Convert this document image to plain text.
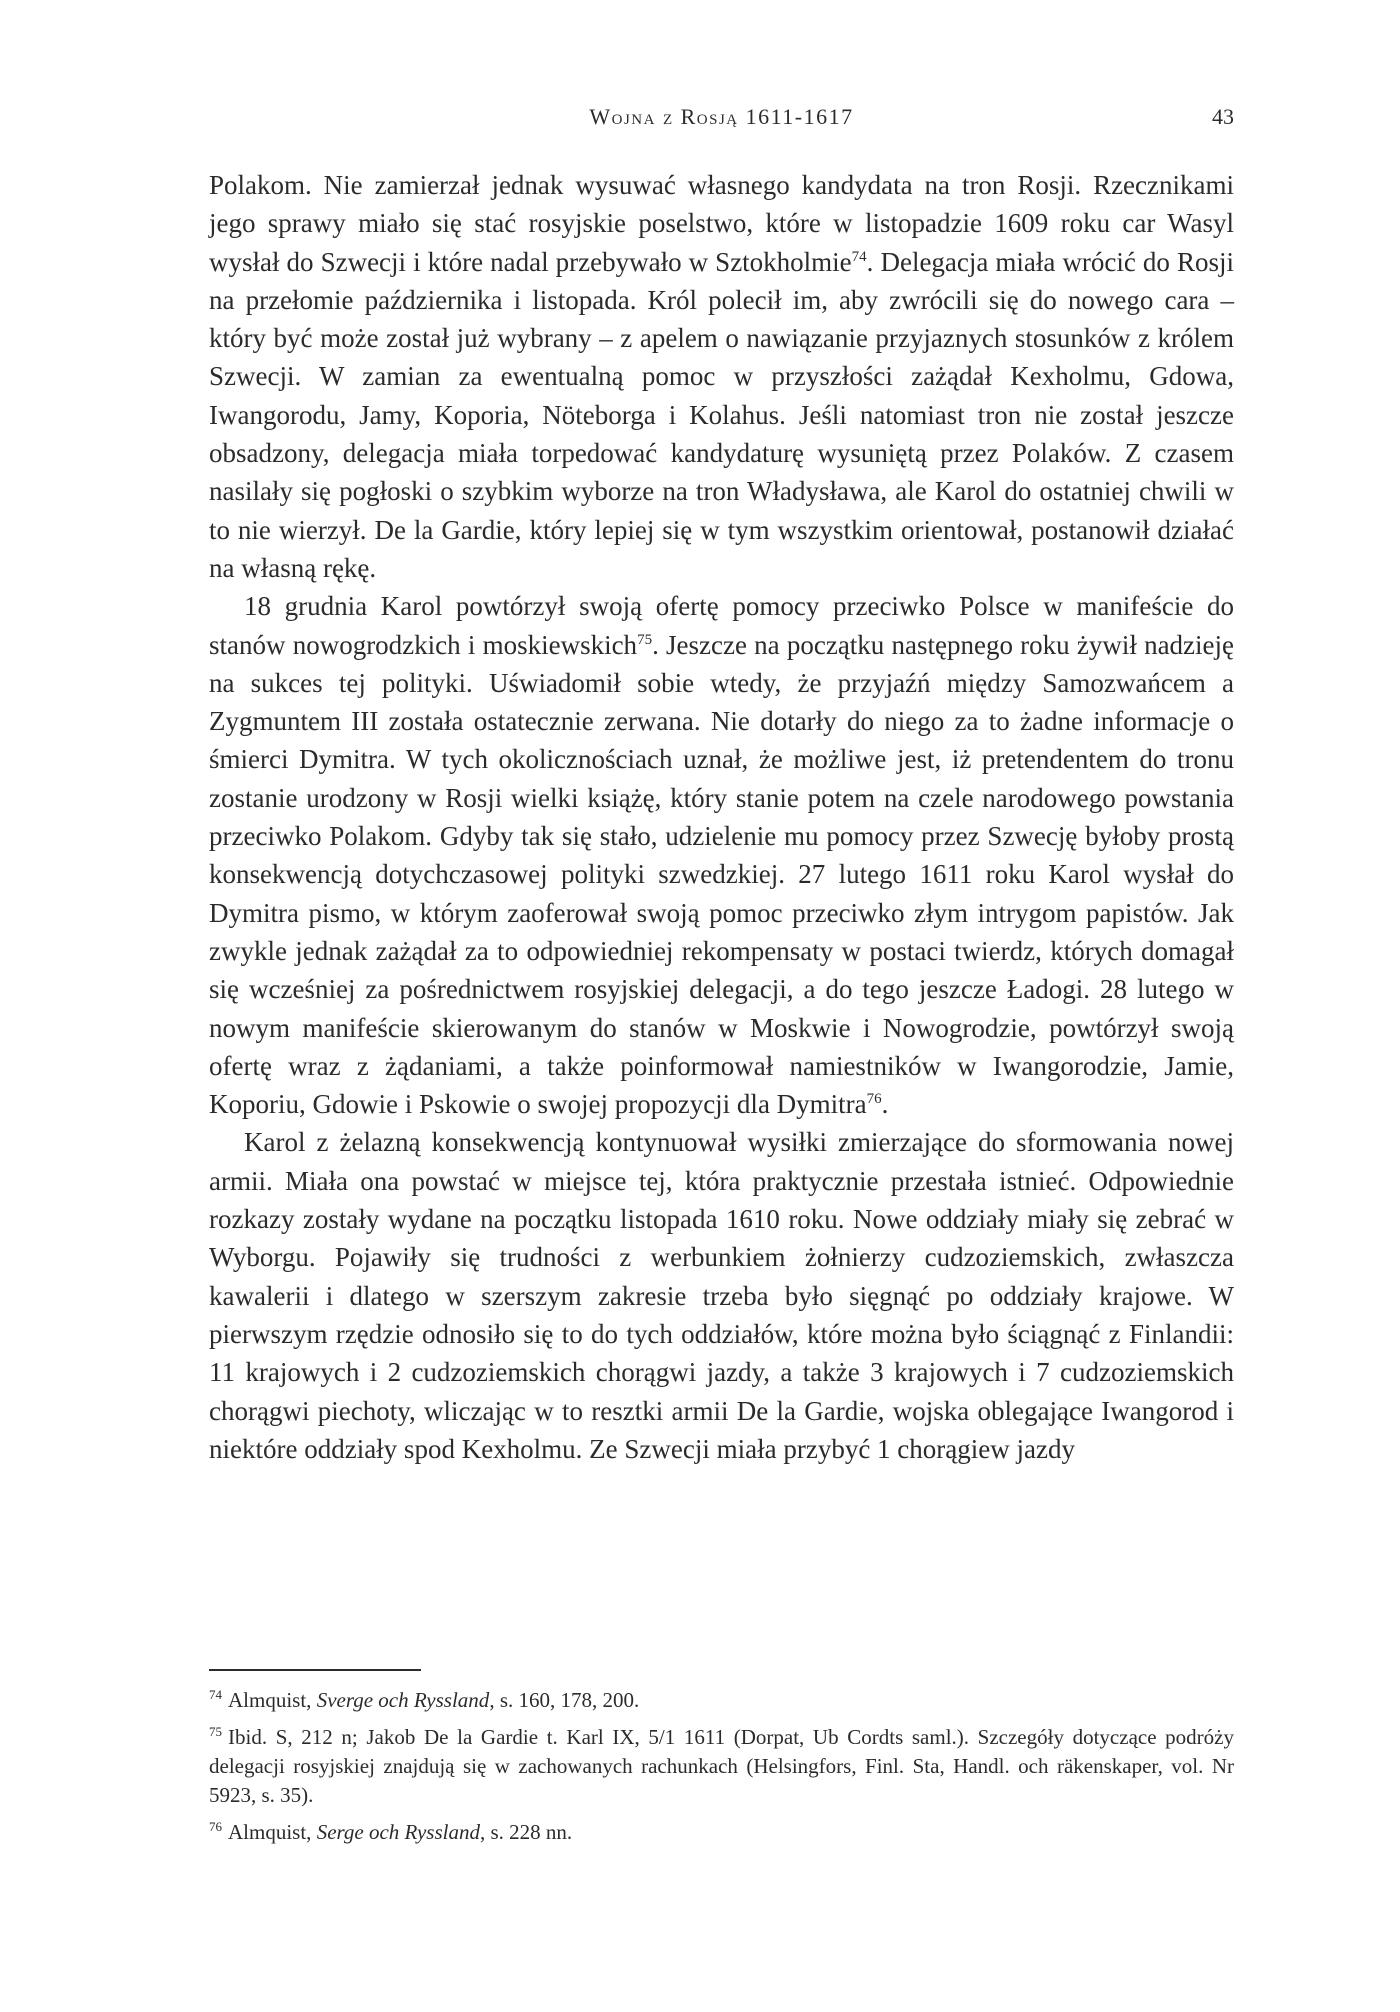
Wojna z Rosją 1611-1617	43

Polakom. Nie zamierzał jednak wysuwać własnego kandydata na tron Rosji. Rzecznikami jego sprawy miało się stać rosyjskie poselstwo, które w listopadzie 1609 roku car Wasyl wysłał do Szwecji i które nadal przebywało w Sztokholmie$^{74}$. Delegacja miała wrócić do Rosji na przełomie października i listopada. Król polecił im, aby zwrócili się do nowego cara – który być może został już wybrany – z apelem o nawiązanie przyjaznych stosunków z królem Szwecji. W zamian za ewentualną pomoc w przyszłości zażądał Kexholmu, Gdowa, Iwangorodu, Jamy, Koporia, Nöteborga i Kolahus. Jeśli natomiast tron nie został jeszcze obsadzony, delegacja miała torpedować kandydaturę wysuniętą przez Polaków. Z czasem nasilały się pogłoski o szybkim wyborze na tron Władysława, ale Karol do ostatniej chwili w to nie wierzył. De la Gardie, który lepiej się w tym wszystkim orientował, postanowił działać na własną rękę.

18 grudnia Karol powtórzył swoją ofertę pomocy przeciwko Polsce w manifeście do stanów nowogrodzkich i moskiewskich$^{75}$. Jeszcze na początku następnego roku żywił nadzieję na sukces tej polityki. Uświadomił sobie wtedy, że przyjaźń między Samozwańcem a Zygmuntem III została ostatecznie zerwana. Nie dotarły do niego za to żadne informacje o śmierci Dymitra. W tych okolicznościach uznał, że możliwe jest, iż pretendentem do tronu zostanie urodzony w Rosji wielki książę, który stanie potem na czele narodowego powstania przeciwko Polakom. Gdyby tak się stało, udzielenie mu pomocy przez Szwecję byłoby prostą konsekwencją dotychczasowej polityki szwedzkiej. 27 lutego 1611 roku Karol wysłał do Dymitra pismo, w którym zaoferował swoją pomoc przeciwko złym intrygom papistów. Jak zwykle jednak zażądał za to odpowiedniej rekompensaty w postaci twierdz, których domagał się wcześniej za pośrednictwem rosyjskiej delegacji, a do tego jeszcze Ładogi. 28 lutego w nowym manifeście skierowanym do stanów w Moskwie i Nowogrodzie, powtórzył swoją ofertę wraz z żądaniami, a także poinformował namiestników w Iwangorodzie, Jamie, Koporiu, Gdowie i Pskowie o swojej propozycji dla Dymitra$^{76}$.

Karol z żelazną konsekwencją kontynuował wysiłki zmierzające do sformowania nowej armii. Miała ona powstać w miejsce tej, która praktycznie przestała istnieć. Odpowiednie rozkazy zostały wydane na początku listopada 1610 roku. Nowe oddziały miały się zebrać w Wyborgu. Pojawiły się trudności z werbunkiem żołnierzy cudzoziemskich, zwłaszcza kawalerii i dlatego w szerszym zakresie trzeba było sięgnąć po oddziały krajowe. W pierwszym rzędzie odnosiło się to do tych oddziałów, które można było ściągnąć z Finlandii: 11 krajowych i 2 cudzoziemskich chorągwi jazdy, a także 3 krajowych i 7 cudzoziemskich chorągwi piechoty, wliczając w to resztki armii De la Gardie, wojska oblegające Iwangorod i niektóre oddziały spod Kexholmu. Ze Szwecji miała przybyć 1 chorągiew jazdy

$^{74}$ Almquist, Sverge och Ryssland, s. 160, 178, 200.
$^{75}$ Ibid. S, 212 n; Jakob De la Gardie t. Karl IX, 5/1 1611 (Dorpat, Ub Cordts saml.). Szczegóły dotyczące podróży delegacji rosyjskiej znajdują się w zachowanych rachunkach (Helsingfors, Finl. Sta, Handl. och räkenskaper, vol. Nr 5923, s. 35).
$^{76}$ Almquist, Serge och Ryssland, s. 228 nn.
